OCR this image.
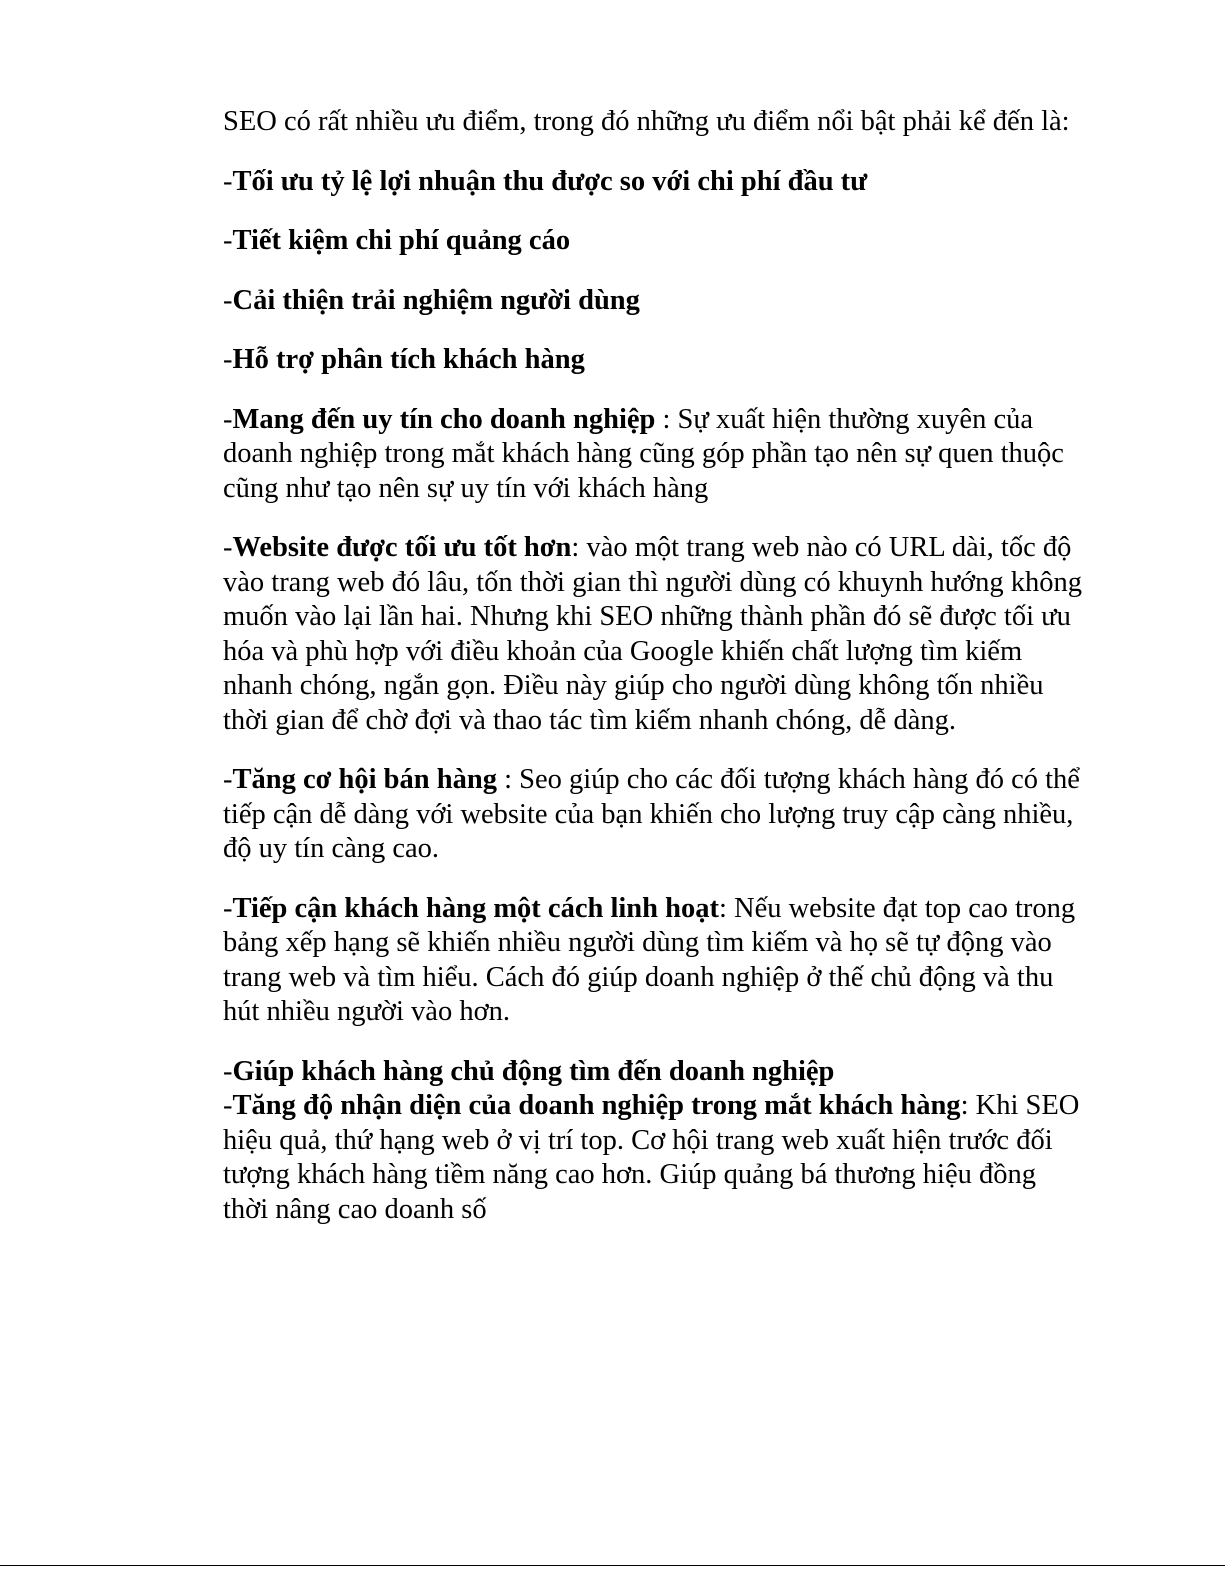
SEO có rất nhiều ưu điểm, trong đó những ưu điểm nổi bật phải kể đến là:

-Tối ưu tỷ lệ lợi nhuận thu được so với chi phí đầu tư

-Tiết kiệm chi phí quảng cáo

-Cải thiện trải nghiệm người dùng

-Hỗ trợ phân tích khách hàng

-Mang đến uy tín cho doanh nghiệp : Sự xuất hiện thường xuyên của doanh nghiệp trong mắt khách hàng cũng góp phần tạo nên sự quen thuộc cũng như tạo nên sự uy tín với khách hàng

-Website được tối ưu tốt hơn: vào một trang web nào có URL dài, tốc độ vào trang web đó lâu, tốn thời gian thì người dùng có khuynh hướng không muốn vào lại lần hai. Nhưng khi SEO những thành phần đó sẽ được tối ưu hóa và phù hợp với điều khoản của Google khiến chất lượng tìm kiếm nhanh chóng, ngắn gọn. Điều này giúp cho người dùng không tốn nhiều thời gian để chờ đợi và thao tác tìm kiếm nhanh chóng, dễ dàng.

-Tăng cơ hội bán hàng : Seo giúp cho các đối tượng khách hàng đó có thể tiếp cận dễ dàng với website của bạn khiến cho lượng truy cập càng nhiều, độ uy tín càng cao.

-Tiếp cận khách hàng một cách linh hoạt: Nếu website đạt top cao trong bảng xếp hạng sẽ khiến nhiều người dùng tìm kiếm và họ sẽ tự động vào trang web và tìm hiểu. Cách đó giúp doanh nghiệp ở thế chủ động và thu hút nhiều người vào hơn.

-Giúp khách hàng chủ động tìm đến doanh nghiệp

-Tăng độ nhận diện của doanh nghiệp trong mắt khách hàng: Khi SEO hiệu quả, thứ hạng web ở vị trí top. Cơ hội trang web xuất hiện trước đối tượng khách hàng tiềm năng cao hơn. Giúp quảng bá thương hiệu đồng thời nâng cao doanh số
